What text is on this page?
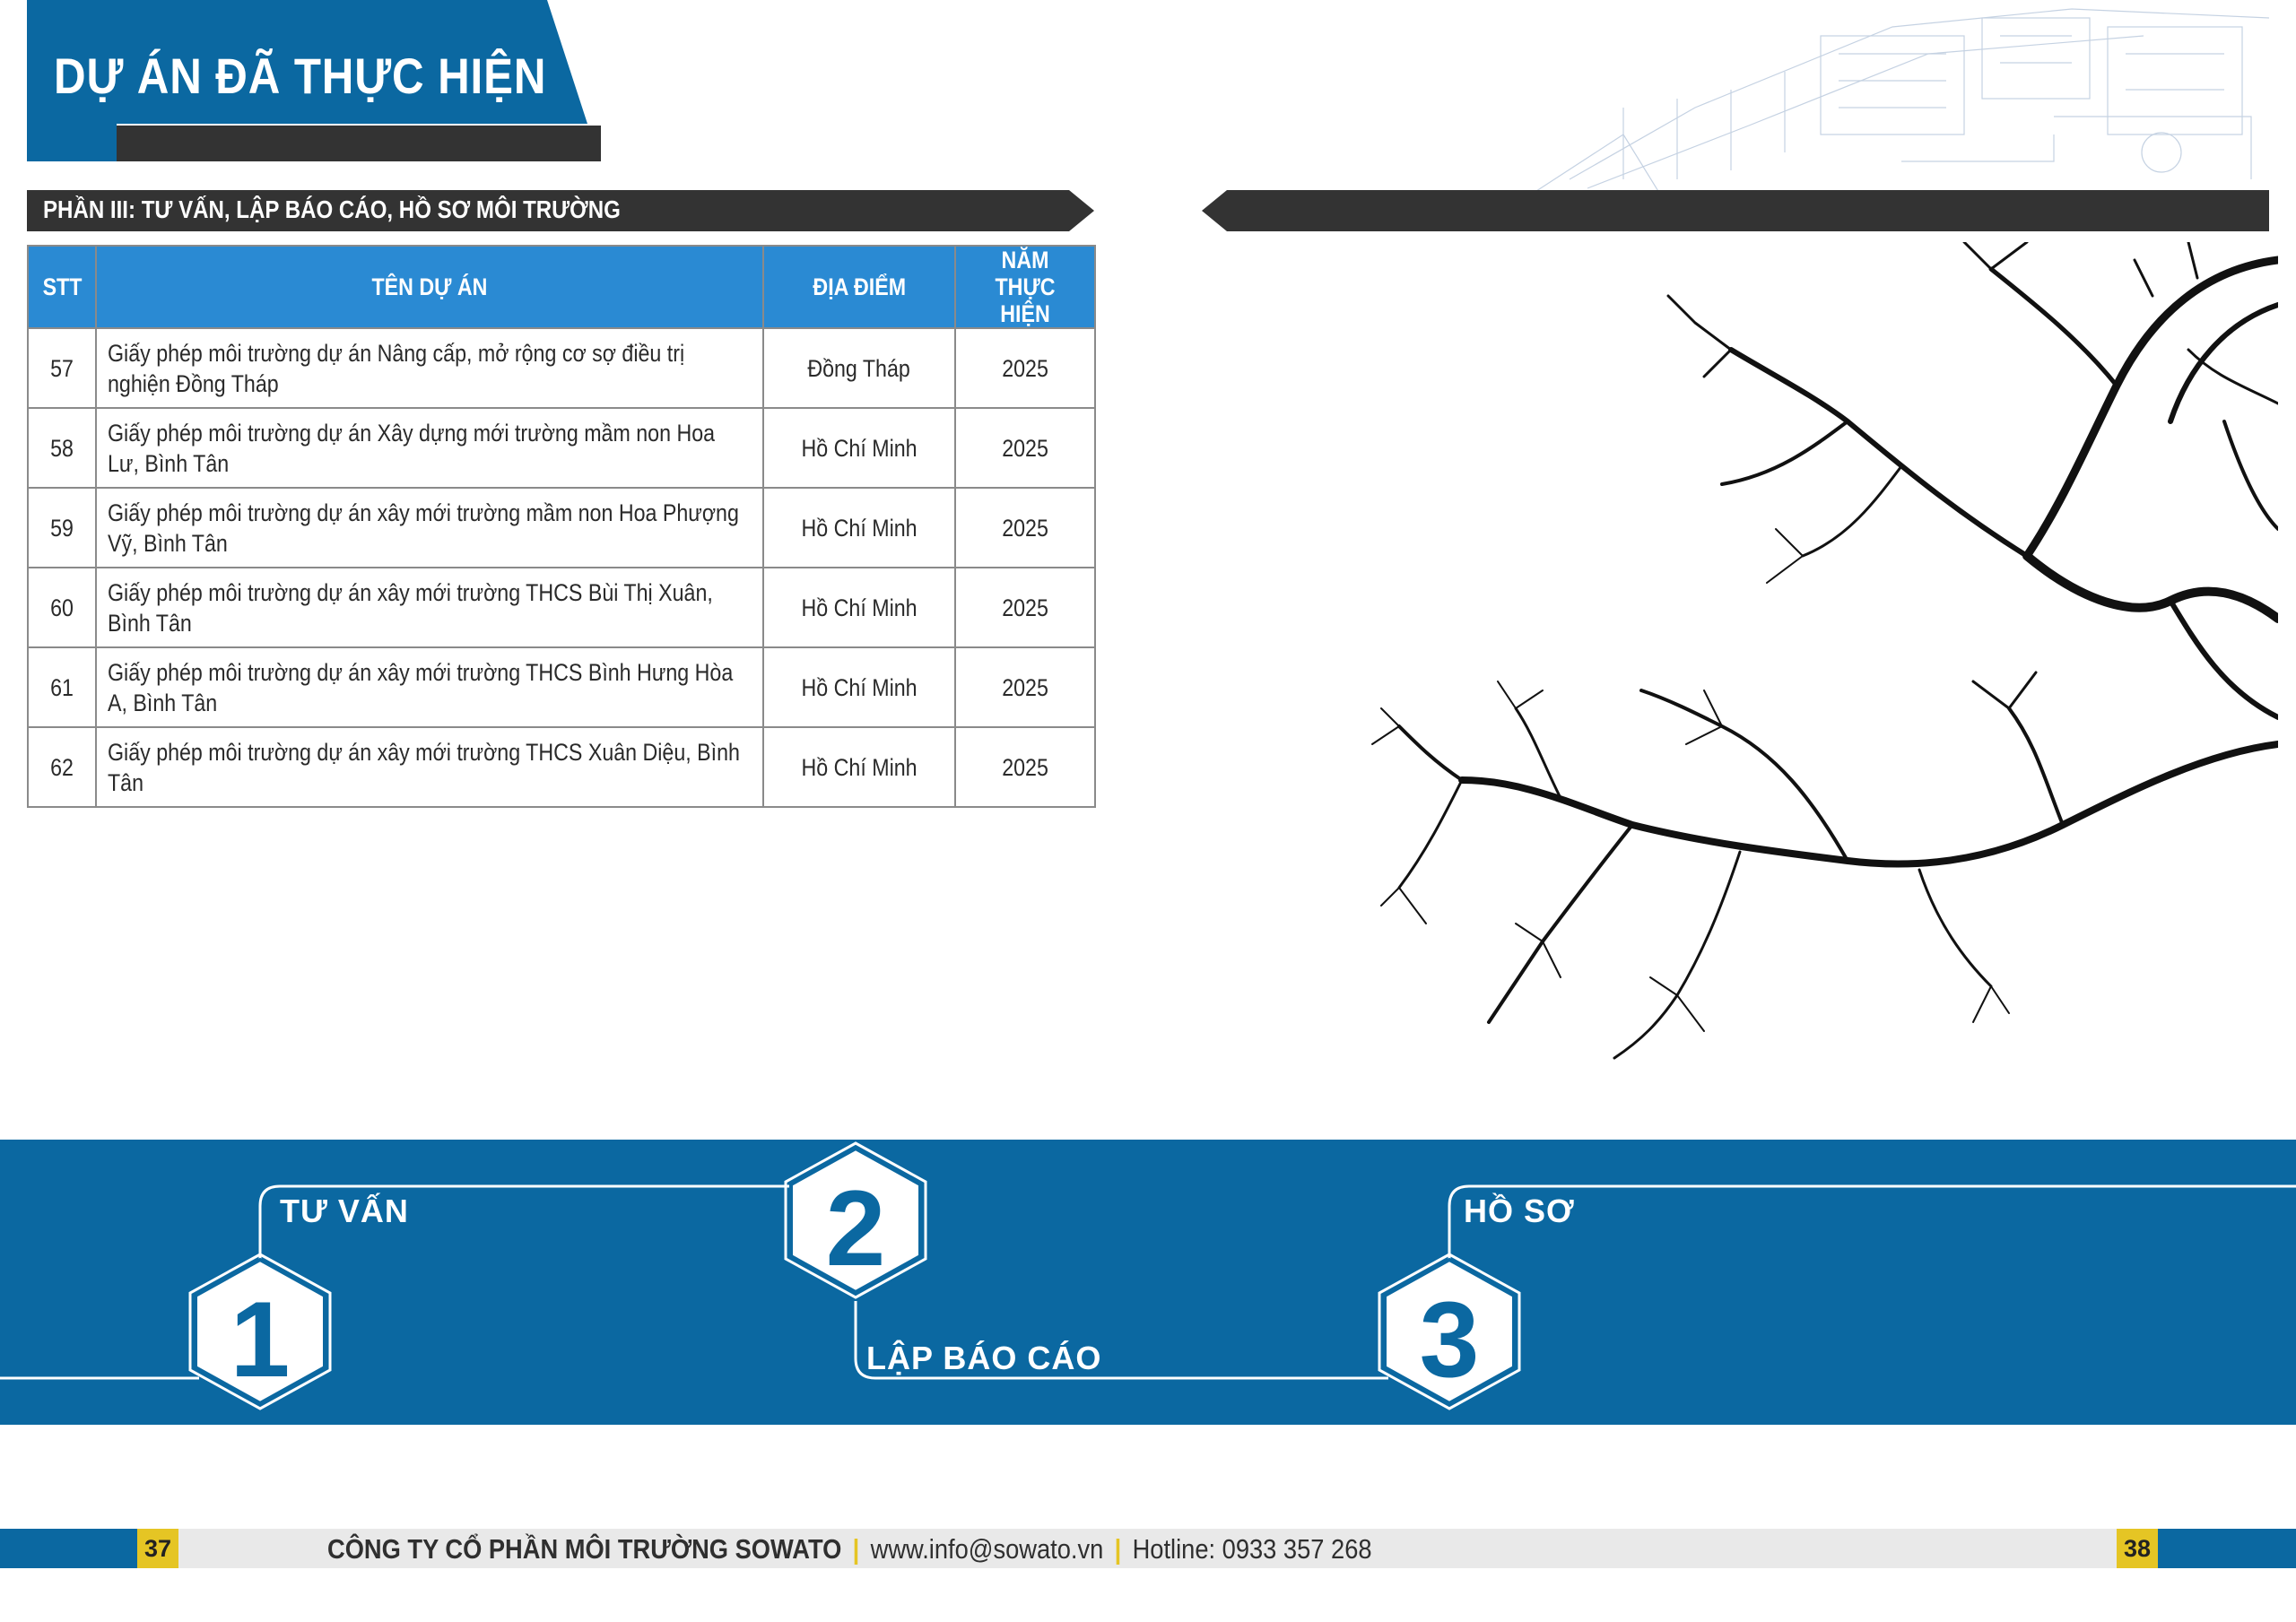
DỰ ÁN ĐÃ THỰC HIỆN
PHẦN III: TƯ VẤN, LẬP BÁO CÁO, HỒ SƠ MÔI TRƯỜNG
STT	TÊN DỰ ÁN	ĐỊA ĐIỂM	NĂM
THỰC HIỆN

57	Giấy phép môi trường dự án Nâng cấp, mở rộng cơ sợ điều trị nghiện Đồng Tháp	Đồng Tháp	2025
58	Giấy phép môi trường dự án Xây dựng mới trường mầm non Hoa Lư, Bình Tân	Hồ Chí Minh	2025
59	Giấy phép môi trường dự án xây mới trường mầm non Hoa Phượng Vỹ, Bình Tân	Hồ Chí Minh	2025
60	Giấy phép môi trường dự án xây mới trường THCS Bùi Thị Xuân, Bình Tân	Hồ Chí Minh	2025
61	Giấy phép môi trường dự án xây mới trường THCS Bình Hưng Hòa A, Bình Tân	Hồ Chí Minh	2025
62	Giấy phép môi trường dự án xây mới trường THCS Xuân Diệu, Bình Tân	Hồ Chí Minh	2025
1
2
3
TƯ VẤN
LẬP BÁO CÁO
HỒ SƠ
37	38
CÔNG TY CỔ PHẦN MÔI TRƯỜNG SOWATO | www.info@sowato.vn | Hotline: 0933 357 268
